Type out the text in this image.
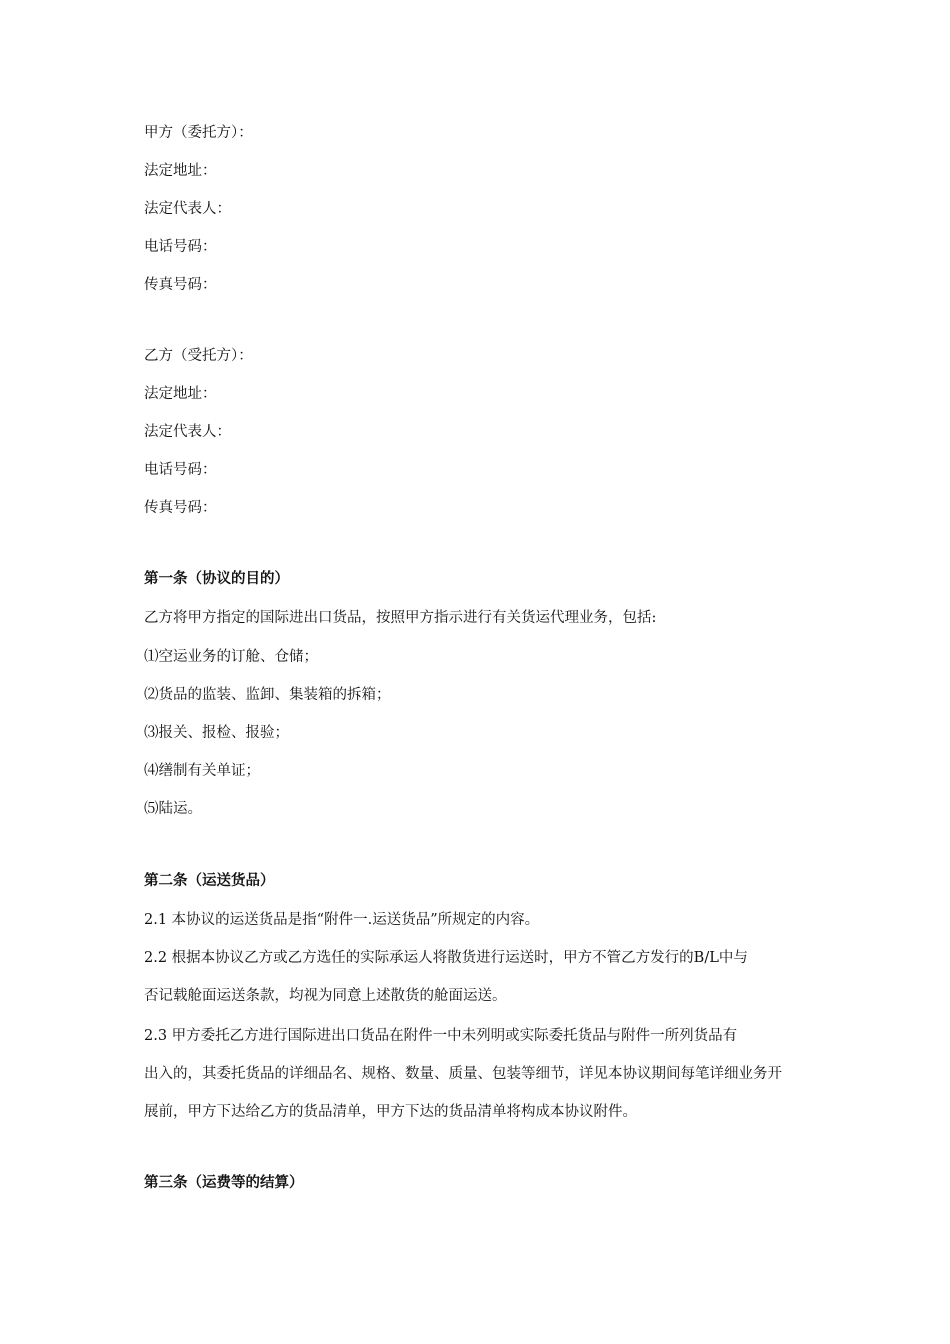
甲方（委托方）：
法定地址：
法定代表人：
电话号码：
传真号码：
乙方（受托方）：
法定地址：
法定代表人：
电话号码：
传真号码：
第一条（协议的目的）
乙方将甲方指定的国际进出口货品，按照甲方指示进行有关货运代理业务，包括:
⑴空运业务的订舱、仓储；
⑵货品的监装、监卸、集装箱的拆箱；
⑶报关、报检、报验；
⑷缮制有关单证；
⑸陆运。
第二条（运送货品）
2.1 本协议的运送货品是指“附件一.运送货品”所规定的内容。
2.2 根据本协议乙方或乙方选任的实际承运人将散货进行运送时，甲方不管乙方发行的B/L中与
否记载舱面运送条款，均视为同意上述散货的舱面运送。
2.3 甲方委托乙方进行国际进出口货品在附件一中未列明或实际委托货品与附件一所列货品有
出入的，其委托货品的详细品名、规格、数量、质量、包装等细节，详见本协议期间每笔详细业务开
展前，甲方下达给乙方的货品清单，甲方下达的货品清单将构成本协议附件。
第三条（运费等的结算）
